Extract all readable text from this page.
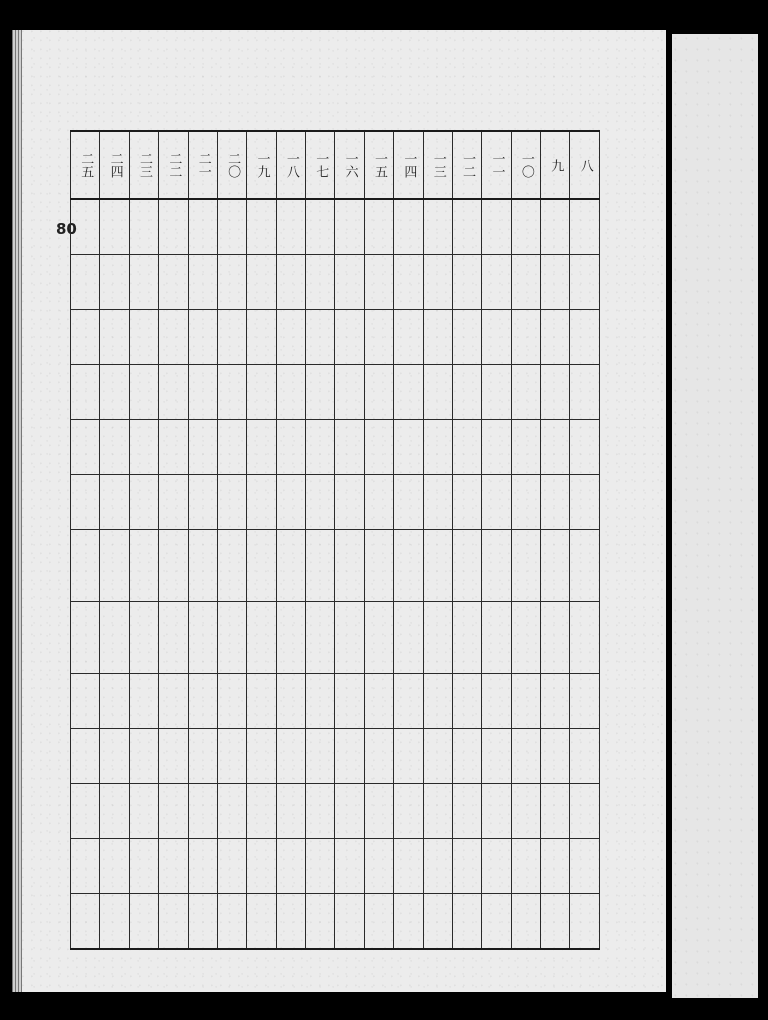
80
二五	二四	二三	二二	二一	二〇	一九	一八	一七	一六	一五	一四	一三	一二	一一	一〇	九	八
